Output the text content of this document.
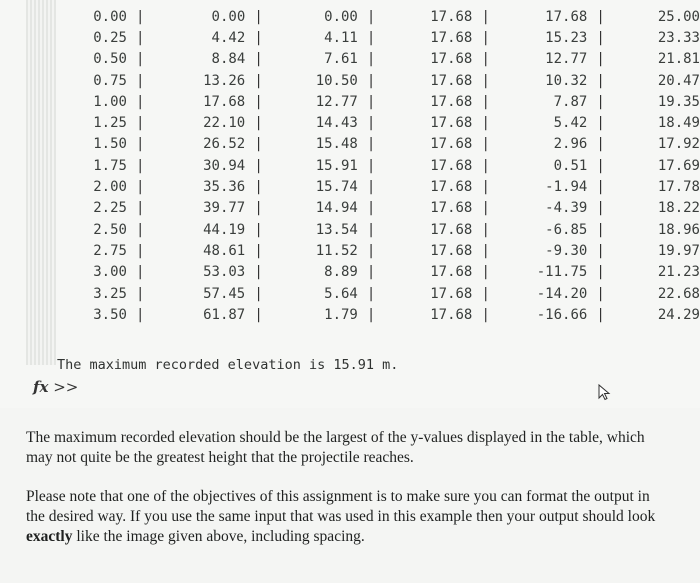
0.00	|	0.00	|	0.00	|	17.68	|	17.68	|	25.00
0.25	|	4.42	|	4.11	|	17.68	|	15.23	|	23.33
0.50	|	8.84	|	7.61	|	17.68	|	12.77	|	21.81
0.75	|	13.26	|	10.50	|	17.68	|	10.32	|	20.47
1.00	|	17.68	|	12.77	|	17.68	|	7.87	|	19.35
1.25	|	22.10	|	14.43	|	17.68	|	5.42	|	18.49
1.50	|	26.52	|	15.48	|	17.68	|	2.96	|	17.92
1.75	|	30.94	|	15.91	|	17.68	|	0.51	|	17.69
2.00	|	35.36	|	15.74	|	17.68	|	-1.94	|	17.78
2.25	|	39.77	|	14.94	|	17.68	|	-4.39	|	18.22
2.50	|	44.19	|	13.54	|	17.68	|	-6.85	|	18.96
2.75	|	48.61	|	11.52	|	17.68	|	-9.30	|	19.97
3.00	|	53.03	|	8.89	|	17.68	|	-11.75	|	21.23
3.25	|	57.45	|	5.64	|	17.68	|	-14.20	|	22.68
3.50	|	61.87	|	1.79	|	17.68	|	-16.66	|	24.29
The maximum recorded elevation is 15.91 m.
fx >>

The maximum recorded elevation should be the largest of the y-values displayed in the table, which may not quite be the greatest height that the projectile reaches.

Please note that one of the objectives of this assignment is to make sure you can format the output in the desired way. If you use the same input that was used in this example then your output should look exactly like the image given above, including spacing.
